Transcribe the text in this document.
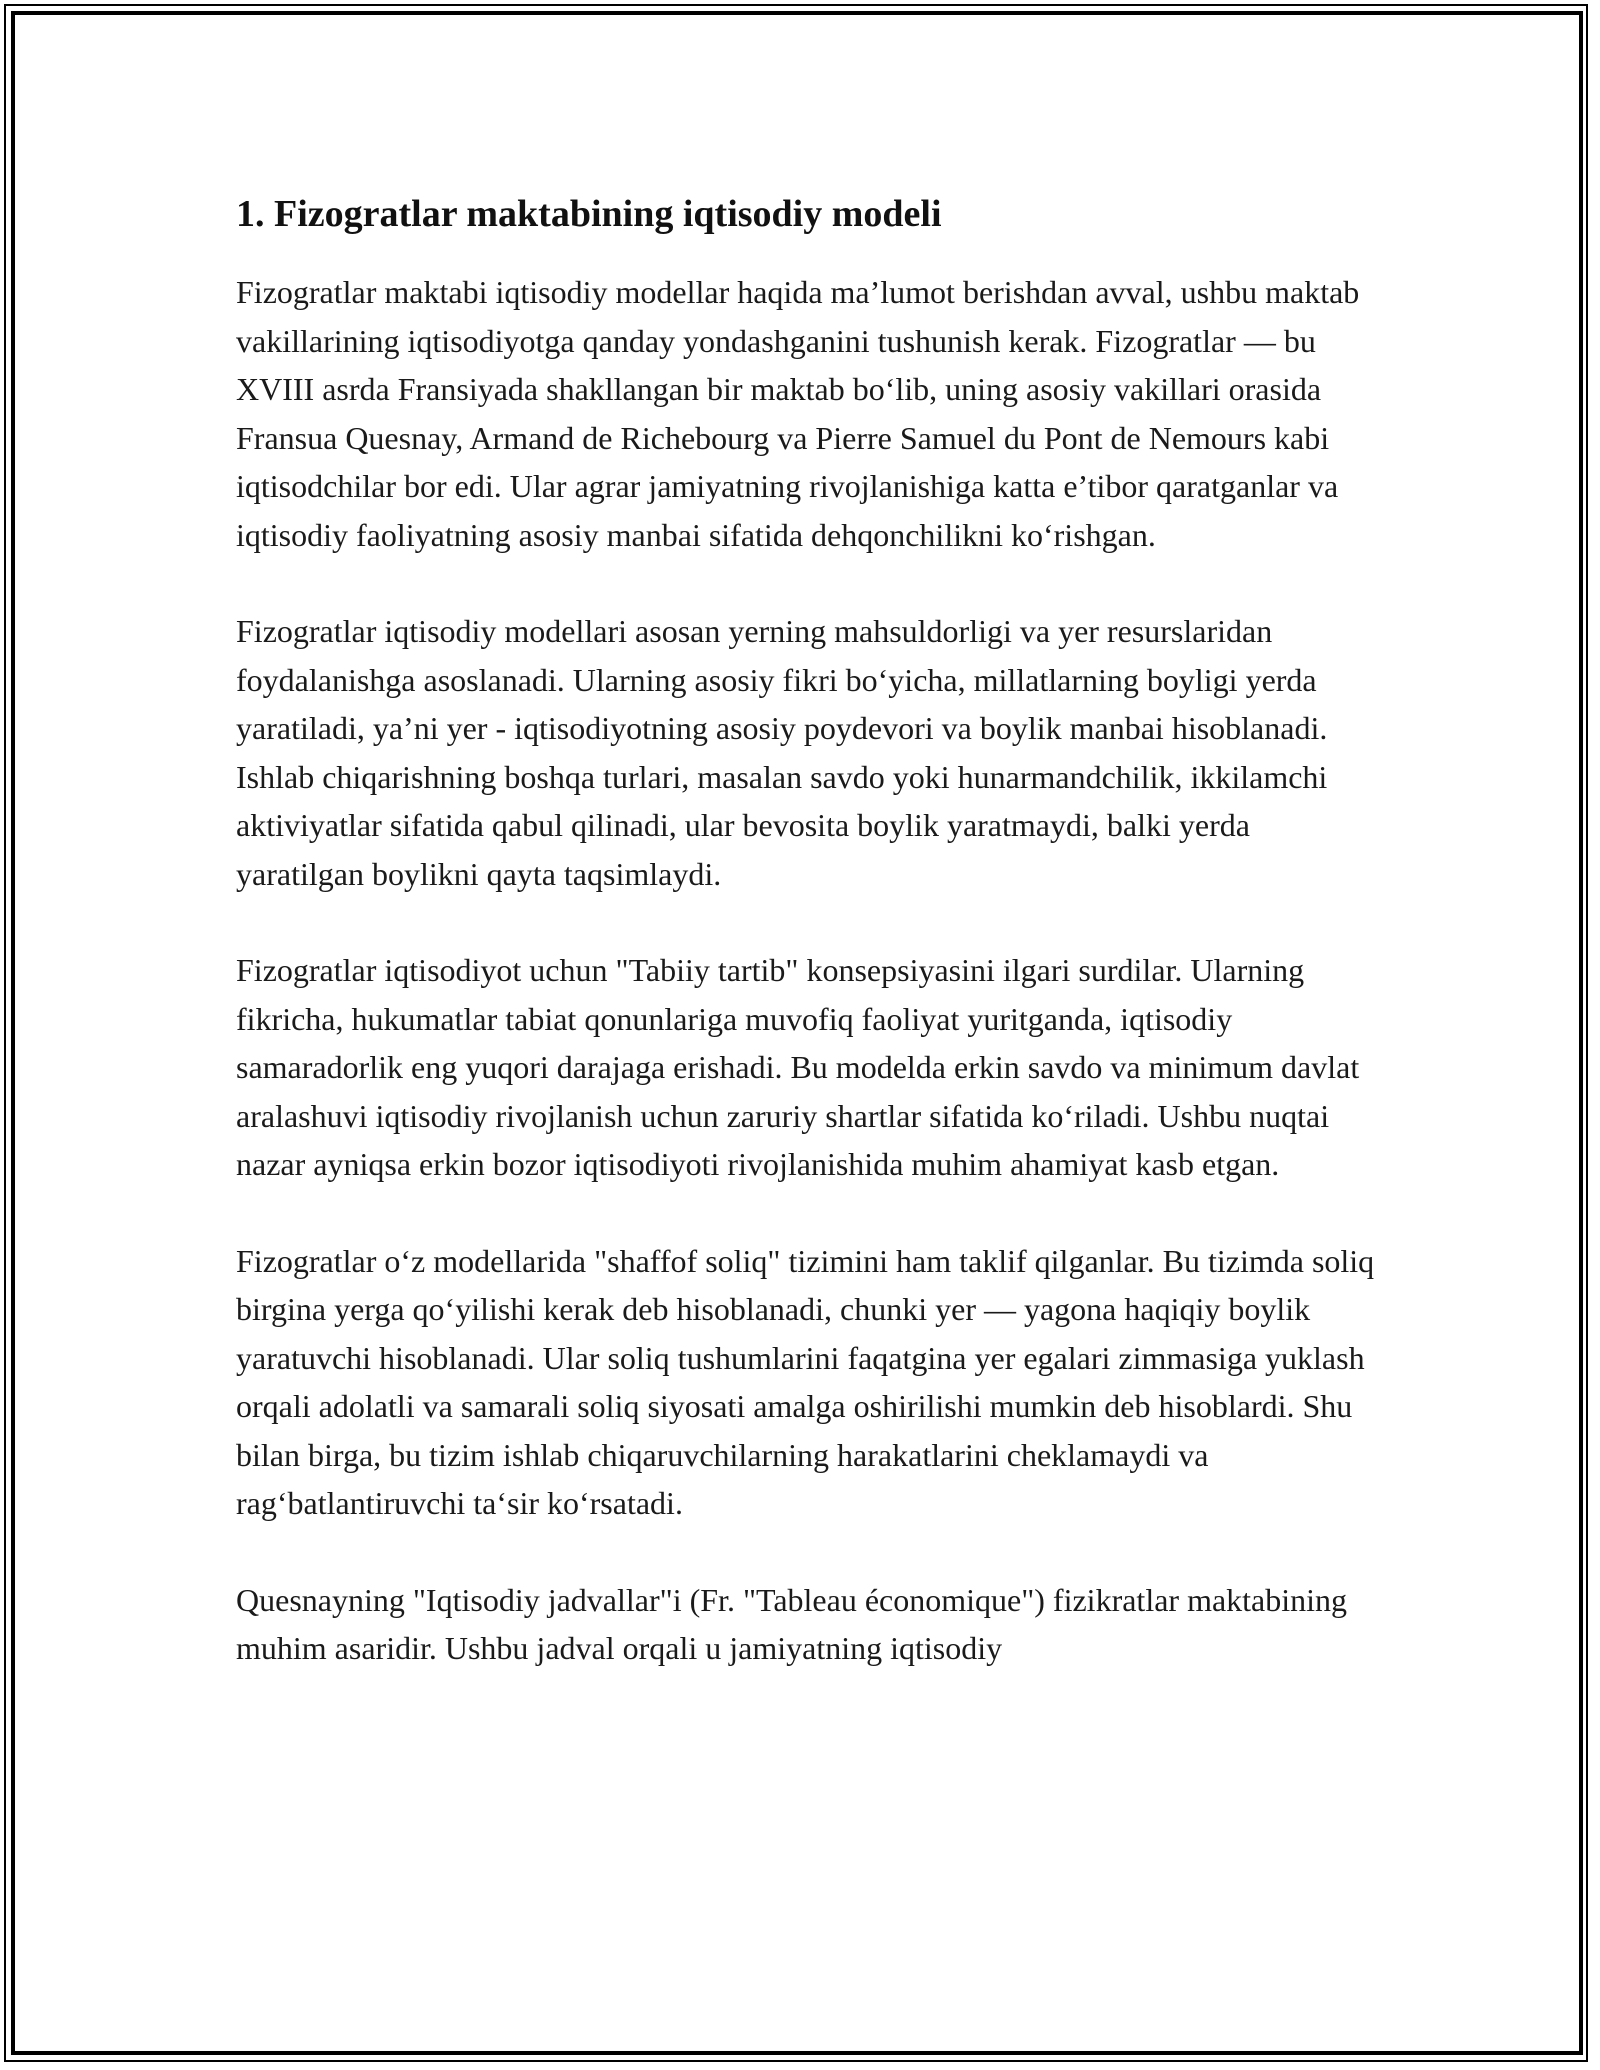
1. Fizogratlar maktabining iqtisodiy modeli

Fizogratlar maktabi iqtisodiy modellar haqida ma’lumot berishdan avval, ushbu maktab vakillarining iqtisodiyotga qanday yondashganini tushunish kerak. Fizogratlar — bu XVIII asrda Fransiyada shakllangan bir maktab bo‘lib, uning asosiy vakillari orasida Fransua Quesnay, Armand de Richebourg va Pierre Samuel du Pont de Nemours kabi iqtisodchilar bor edi. Ular agrar jamiyatning rivojlanishiga katta e’tibor qaratganlar va iqtisodiy faoliyatning asosiy manbai sifatida dehqonchilikni ko‘rishgan.

Fizogratlar iqtisodiy modellari asosan yerning mahsuldorligi va yer resurslaridan foydalanishga asoslanadi. Ularning asosiy fikri bo‘yicha, millatlarning boyligi yerda yaratiladi, ya’ni yer - iqtisodiyotning asosiy poydevori va boylik manbai hisoblanadi. Ishlab chiqarishning boshqa turlari, masalan savdo yoki hunarmandchilik, ikkilamchi aktiviyatlar sifatida qabul qilinadi, ular bevosita boylik yaratmaydi, balki yerda yaratilgan boylikni qayta taqsimlaydi.

Fizogratlar iqtisodiyot uchun "Tabiiy tartib" konsepsiyasini ilgari surdilar. Ularning fikricha, hukumatlar tabiat qonunlariga muvofiq faoliyat yuritganda, iqtisodiy samaradorlik eng yuqori darajaga erishadi. Bu modelda erkin savdo va minimum davlat aralashuvi iqtisodiy rivojlanish uchun zaruriy shartlar sifatida ko‘riladi. Ushbu nuqtai nazar ayniqsa erkin bozor iqtisodiyoti rivojlanishida muhim ahamiyat kasb etgan.

Fizogratlar o‘z modellarida "shaffof soliq" tizimini ham taklif qilganlar. Bu tizimda soliq birgina yerga qo‘yilishi kerak deb hisoblanadi, chunki yer — yagona haqiqiy boylik yaratuvchi hisoblanadi. Ular soliq tushumlarini faqatgina yer egalari zimmasiga yuklash orqali adolatli va samarali soliq siyosati amalga oshirilishi mumkin deb hisoblardi. Shu bilan birga, bu tizim ishlab chiqaruvchilarning harakatlarini cheklamaydi va rag‘batlantiruvchi ta‘sir ko‘rsatadi.

Quesnayning "Iqtisodiy jadvallar"i (Fr. "Tableau économique") fizikratlar maktabining muhim asaridir. Ushbu jadval orqali u jamiyatning iqtisodiy
